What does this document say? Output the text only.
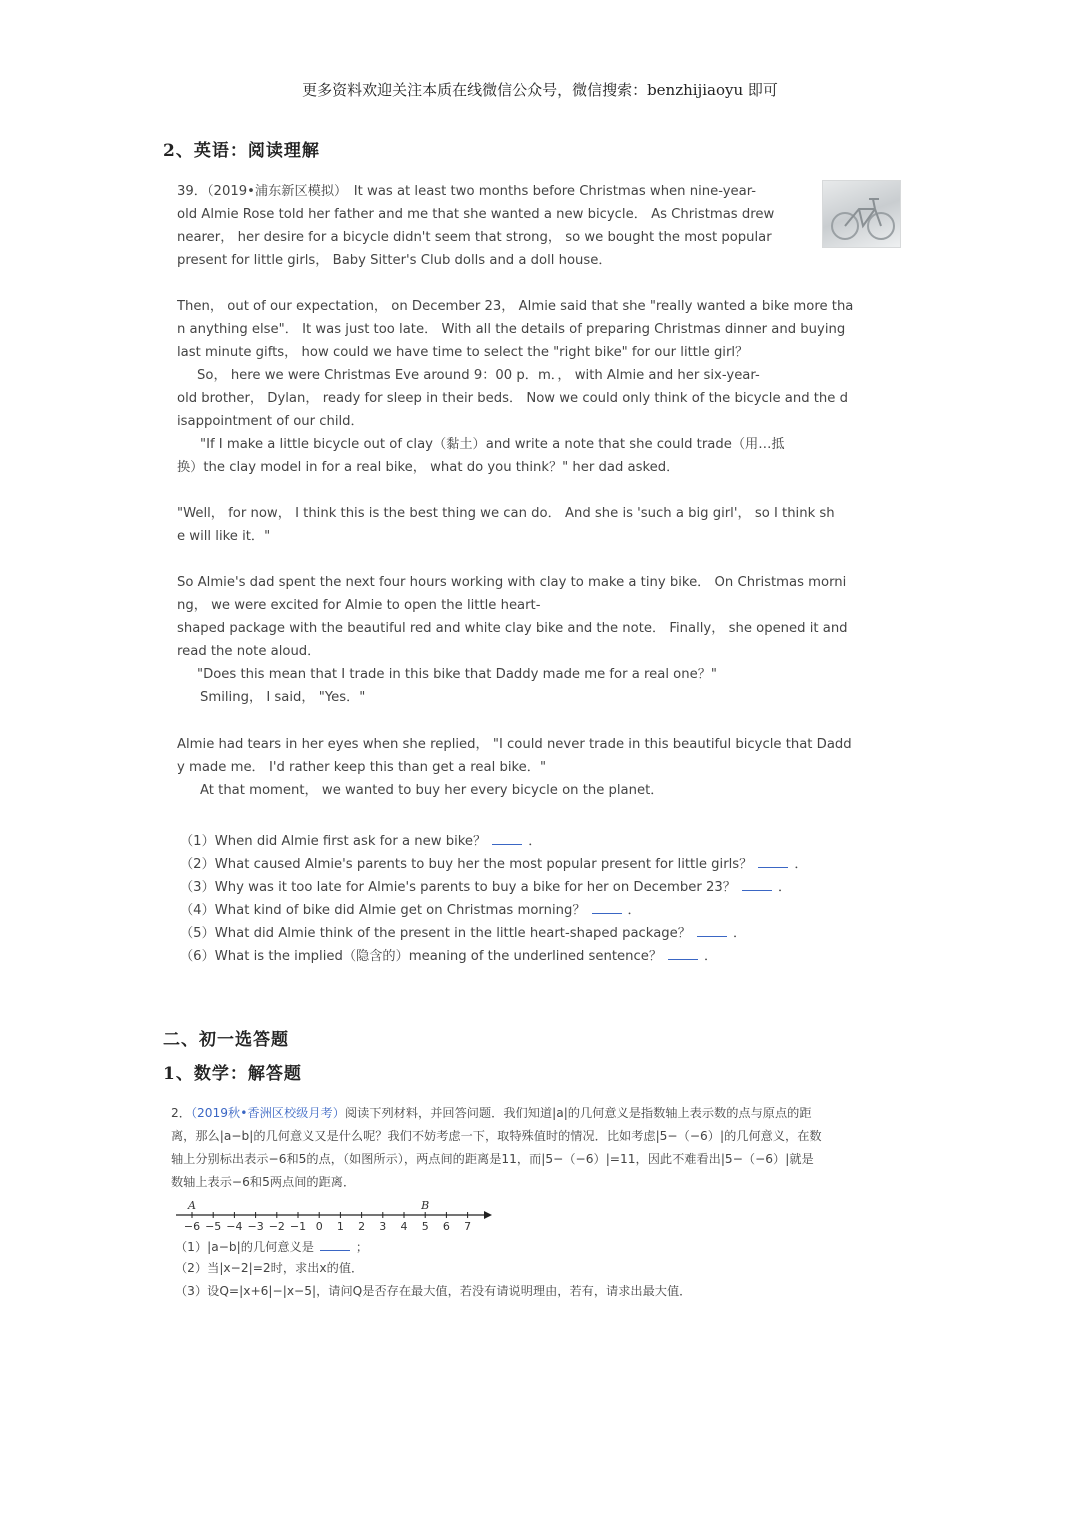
更多资料欢迎关注本质在线微信公众号，微信搜索：benzhijiaoyu 即可
2、英语：阅读理解
39．（2019•浦东新区模拟）　It was at least two months before Christmas when nine-year-
old Almie Rose told her father and me that she wanted a new bicycle． As Christmas drew
nearer， her desire for a bicycle didn't seem that strong， so we bought the most popular
present for little girls， Baby Sitter's Club dolls and a doll house．
Then， out of our expectation， on December 23， Almie said that she "really wanted a bike more tha
n anything else"． It was just too late． With all the details of preparing Christmas dinner and buying
last minute gifts， how could we have time to select the "right bike" for our little girl？
So， here we were Christmas Eve around 9：00 p．m．， with Almie and her six-year-
old brother， Dylan， ready for sleep in their beds． Now we could only think of the bicycle and the d
isappointment of our child．
"If I make a little bicycle out of clay（黏土）and write a note that she could trade（用…抵
换）the clay model in for a real bike， what do you think？" her dad asked．
"Well， for now， I think this is the best thing we can do． And she is 'such a big girl'， so I think sh
e will like it．"
So Almie's dad spent the next four hours working with clay to make a tiny bike． On Christmas morni
ng， we were excited for Almie to open the little heart-
shaped package with the beautiful red and white clay bike and the note． Finally， she opened it and
read the note aloud．
"Does this mean that I trade in this bike that Daddy made me for a real one？"
Smiling， I said， "Yes．"
Almie had tears in her eyes when she replied， "I could never trade in this beautiful bicycle that Dadd
y made me． I'd rather keep this than get a real bike．"
At that moment， we wanted to buy her every bicycle on the planet．
（1）When did Almie first ask for a new bike？	．
（2）What caused Almie's parents to buy her the most popular present for little girls？	．
（3）Why was it too late for Almie's parents to buy a bike for her on December 23？	．
（4）What kind of bike did Almie get on Christmas morning？	．
（5）What did Almie think of the present in the little heart-shaped package？	．
（6）What is the implied（隐含的）meaning of the underlined sentence？	．
二、初一选答题
1、数学：解答题
2．（2019秋•香洲区校级月考）阅读下列材料，并回答问题．我们知道|a|的几何意义是指数轴上表示数的点与原点的距
离，那么|a−b|的几何意义又是什么呢？我们不妨考虑一下，取特殊值时的情况．比如考虑|5−（−6）|的几何意义，在数
轴上分别标出表示−6和5的点，（如图所示），两点间的距离是11，而|5−（−6）|=11，因此不难看出|5−（−6）|就是
数轴上表示−6和5两点间的距离．
−6 −5 −4 −3 −2 −1 0 1 2 3 4 5 6 7
A	B
（1）|a−b|的几何意义是	；
（2）当|x−2|=2时，求出x的值．
（3）设Q=|x+6|−|x−5|，请问Q是否存在最大值，若没有请说明理由，若有，请求出最大值．
